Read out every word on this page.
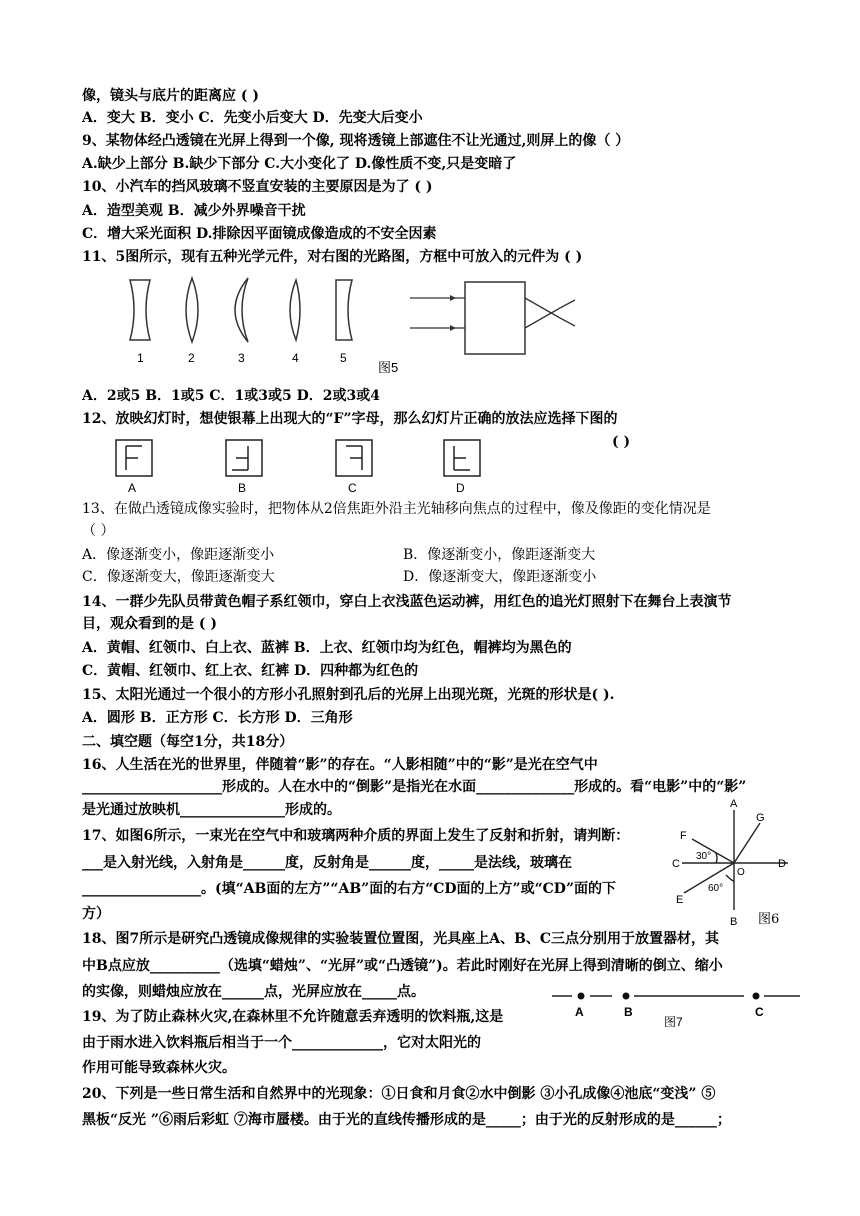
像，镜头与底片的距离应 ( )
A．变大 B．变小 C．先变小后变大 D．先变大后变小
9、某物体经凸透镜在光屏上得到一个像, 现将透镜上部遮住不让光通过,则屏上的像（ ）
A.缺少上部分 B.缺少下部分 C.大小变化了 D.像性质不变,只是变暗了
10、小汽车的挡风玻璃不竖直安装的主要原因是为了 ( )
A．造型美观 B．减少外界噪音干扰
C．增大采光面积 D.排除因平面镜成像造成的不安全因素
11、5图所示，现有五种光学元件，对右图的光路图，方框中可放入的元件为 ( )
1	2	3	4	5
图5
A．2或5 B．1或5 C．1或3或5 D．2或3或4
12、放映幻灯时，想使银幕上出现大的“F”字母，那么幻灯片正确的放法应选择下图的
( )
A	B	C	D
13、在做凸透镜成像实验时，把物体从2倍焦距外沿主光轴移向焦点的过程中，像及像距的变化情况是
（ ）
A．像逐渐变小，像距逐渐变小	B．像逐渐变小，像距逐渐变大
C．像逐渐变大，像距逐渐变大	D．像逐渐变大，像距逐渐变小
14、一群少先队员带黄色帽子系红领巾，穿白上衣浅蓝色运动裤，用红色的追光灯照射下在舞台上表演节
目，观众看到的是 ( )
A．黄帽、红领巾、白上衣、蓝裤 B．上衣、红领巾均为红色，帽裤均为黑色的
C．黄帽、红领巾、红上衣、红裤 D．四种都为红色的
15、太阳光通过一个很小的方形小孔照射到孔后的光屏上出现光斑，光斑的形状是( ).
A．圆形 B．正方形 C．长方形 D．三角形
二、填空题（每空1分，共18分）
16、人生活在光的世界里，伴随着“影”的存在。“人影相随”中的“影”是光在空气中
____________________形成的。人在水中的“倒影”是指光在水面______________形成的。看“电影”中的“影”
是光通过放映机_______________形成的。
17、如图6所示，一束光在空气中和玻璃两种介质的界面上发生了反射和折射，请判断：
___是入射光线，入射角是______度，反射角是______度，_____是法线，玻璃在
_________________。(填“AB面的左方”“AB”面的右方“CD面的上方”或“CD”面的下
方）
A
B
C	D
E
F
G
O
30°
60°
图6
18、图7所示是研究凸透镜成像规律的实验装置位置图，光具座上A、B、C三点分别用于放置器材，其
中B点应放__________（选填“蜡烛”、“光屏”或“凸透镜”)。若此时刚好在光屏上得到清晰的倒立、缩小
的实像，则蜡烛应放在______点，光屏应放在_____点。
A	B	C
图7
19、为了防止森林火灾,在森林里不允许随意丢弃透明的饮料瓶,这是
由于雨水进入饮料瓶后相当于一个_____________，它对太阳光的
作用可能导致森林火灾。
20、下列是一些日常生活和自然界中的光现象：①日食和月食②水中倒影 ③小孔成像④池底“变浅” ⑤
黑板“反光 ”⑥雨后彩虹 ⑦海市蜃楼。由于光的直线传播形成的是_____；由于光的反射形成的是______；
